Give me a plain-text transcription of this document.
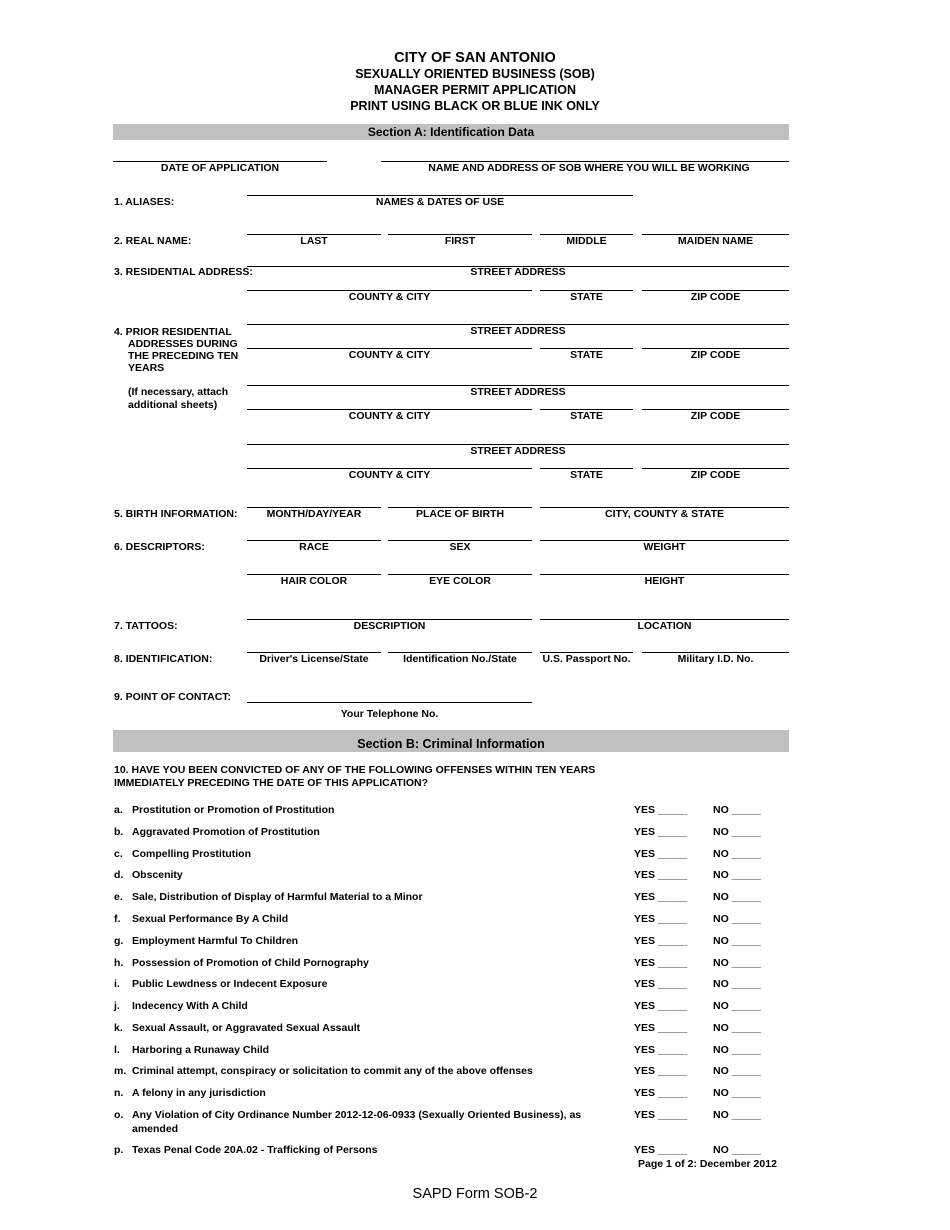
CITY OF SAN ANTONIO
SEXUALLY ORIENTED BUSINESS (SOB)
MANAGER PERMIT APPLICATION
PRINT USING BLACK OR BLUE INK ONLY
Section A: Identification Data
DATE OF APPLICATION	NAME AND ADDRESS OF SOB WHERE YOU WILL BE WORKING
1. ALIASES:	NAMES & DATES OF USE
2. REAL NAME:	LAST	FIRST	MIDDLE	MAIDEN NAME
3. RESIDENTIAL ADDRESS:	STREET ADDRESS
COUNTY & CITY	STATE	ZIP CODE
4. PRIOR RESIDENTIAL
ADDRESSES DURING
THE PRECEDING TEN
YEARS
(If necessary, attach
additional sheets)
STREET ADDRESS
COUNTY & CITY	STATE	ZIP CODE
STREET ADDRESS
COUNTY & CITY	STATE	ZIP CODE
STREET ADDRESS
COUNTY & CITY	STATE	ZIP CODE
5. BIRTH INFORMATION:	MONTH/DAY/YEAR	PLACE OF BIRTH	CITY, COUNTY & STATE
6. DESCRIPTORS:	RACE	SEX	WEIGHT
HAIR COLOR	EYE COLOR	HEIGHT
7. TATTOOS:	DESCRIPTION	LOCATION
8. IDENTIFICATION:	Driver's License/State	Identification No./State	U.S. Passport No.	Military I.D. No.
9. POINT OF CONTACT:
Your Telephone No.
Section B: Criminal Information
10. HAVE YOU BEEN CONVICTED OF ANY OF THE FOLLOWING OFFENSES WITHIN TEN YEARS
IMMEDIATELY PRECEDING THE DATE OF THIS APPLICATION?
a. Prostitution or Promotion of Prostitution	YES _____ NO _____
b. Aggravated Promotion of Prostitution	YES _____ NO _____
c. Compelling Prostitution	YES _____ NO _____
d. Obscenity	YES _____ NO _____
e. Sale, Distribution of Display of Harmful Material to a Minor	YES _____ NO _____
f. Sexual Performance By A Child	YES _____ NO _____
g. Employment Harmful To Children	YES _____ NO _____
h. Possession of Promotion of Child Pornography	YES _____ NO _____
i. Public Lewdness or Indecent Exposure	YES _____ NO _____
j. Indecency With A Child	YES _____ NO _____
k. Sexual Assault, or Aggravated Sexual Assault	YES _____ NO _____
l. Harboring a Runaway Child	YES _____ NO _____
m. Criminal attempt, conspiracy or solicitation to commit any of the above offenses	YES _____ NO _____
n. A felony in any jurisdiction	YES _____ NO _____
o. Any Violation of City Ordinance Number 2012-12-06-0933 (Sexually Oriented Business), as
amended
YES _____ NO _____
p. Texas Penal Code 20A.02 - Trafficking of Persons	YES _____ NO _____
Page 1 of 2: December 2012
SAPD Form SOB-2
